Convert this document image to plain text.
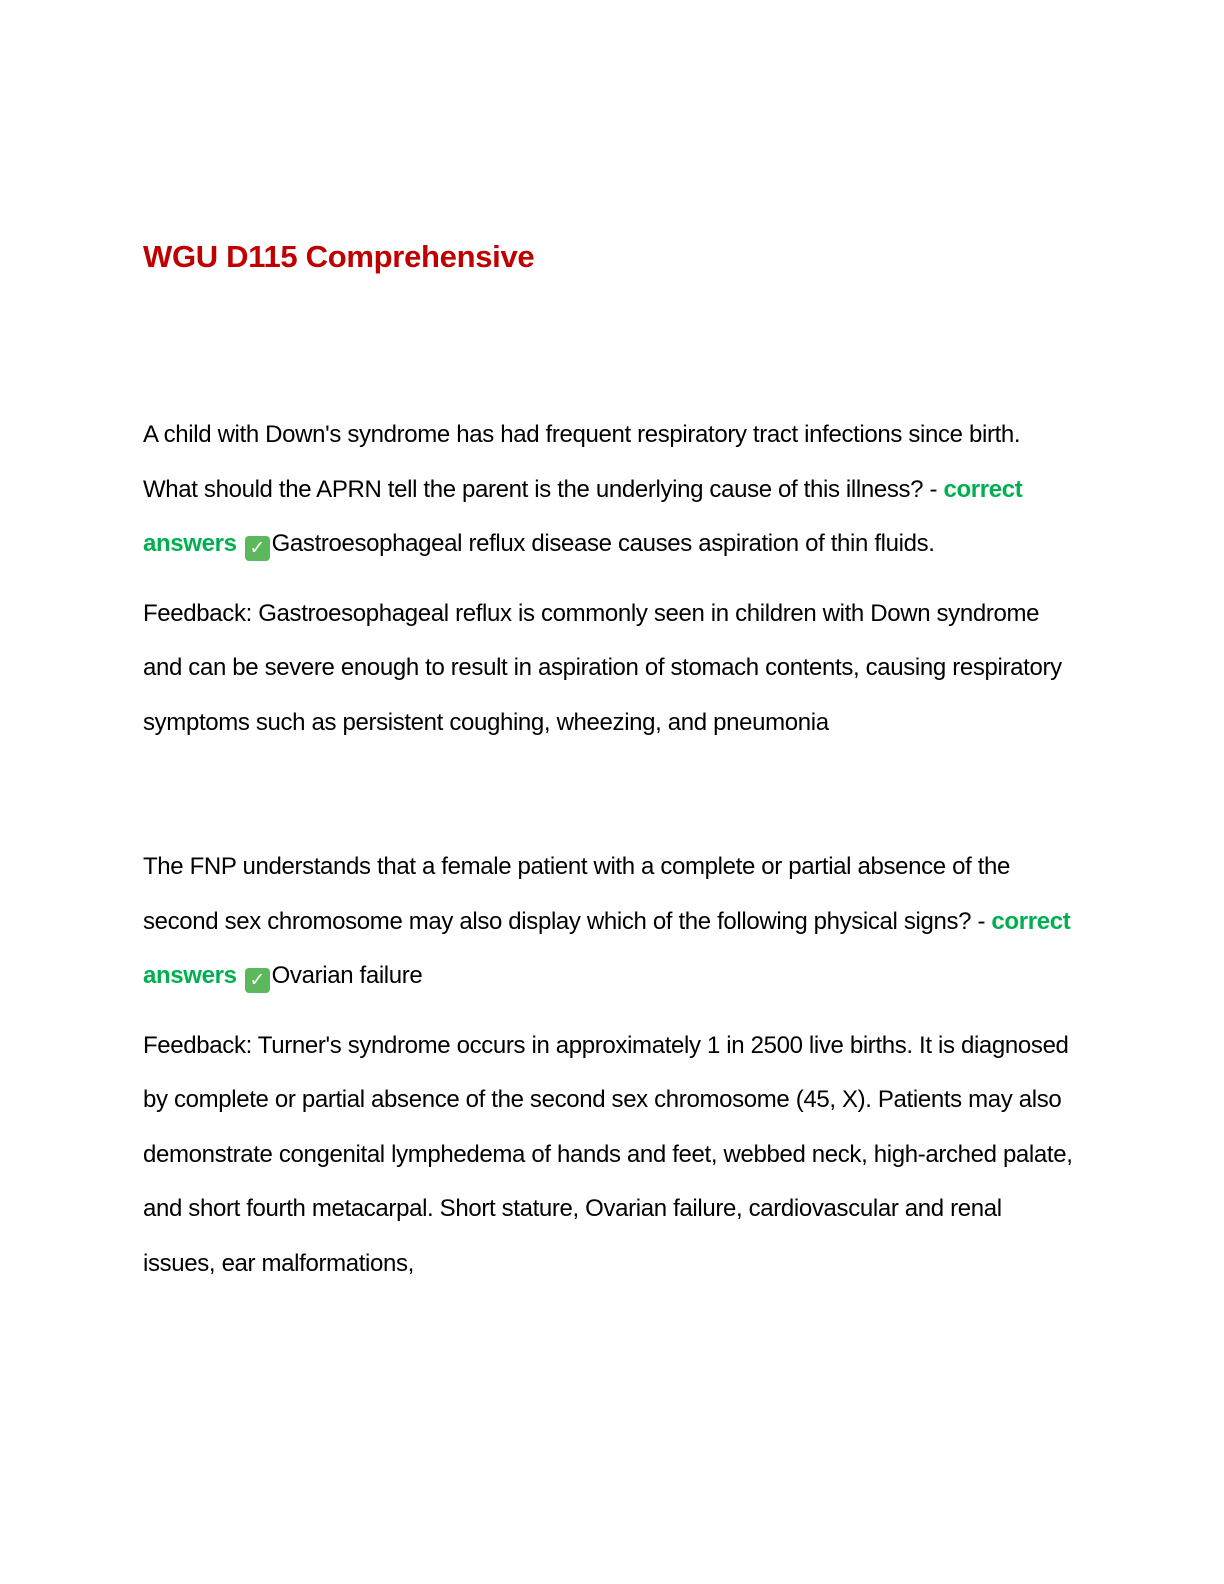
WGU D115 Comprehensive

A child with Down's syndrome has had frequent respiratory tract infections since birth. What should the APRN tell the parent is the underlying cause of this illness? - correct answers ✓ Gastroesophageal reflux disease causes aspiration of thin fluids.

Feedback: Gastroesophageal reflux is commonly seen in children with Down syndrome and can be severe enough to result in aspiration of stomach contents, causing respiratory symptoms such as persistent coughing, wheezing, and pneumonia

The FNP understands that a female patient with a complete or partial absence of the second sex chromosome may also display which of the following physical signs? - correct answers ✓ Ovarian failure

Feedback: Turner's syndrome occurs in approximately 1 in 2500 live births. It is diagnosed by complete or partial absence of the second sex chromosome (45, X). Patients may also demonstrate congenital lymphedema of hands and feet, webbed neck, high-arched palate, and short fourth metacarpal. Short stature, Ovarian failure, cardiovascular and renal issues, ear malformations,
